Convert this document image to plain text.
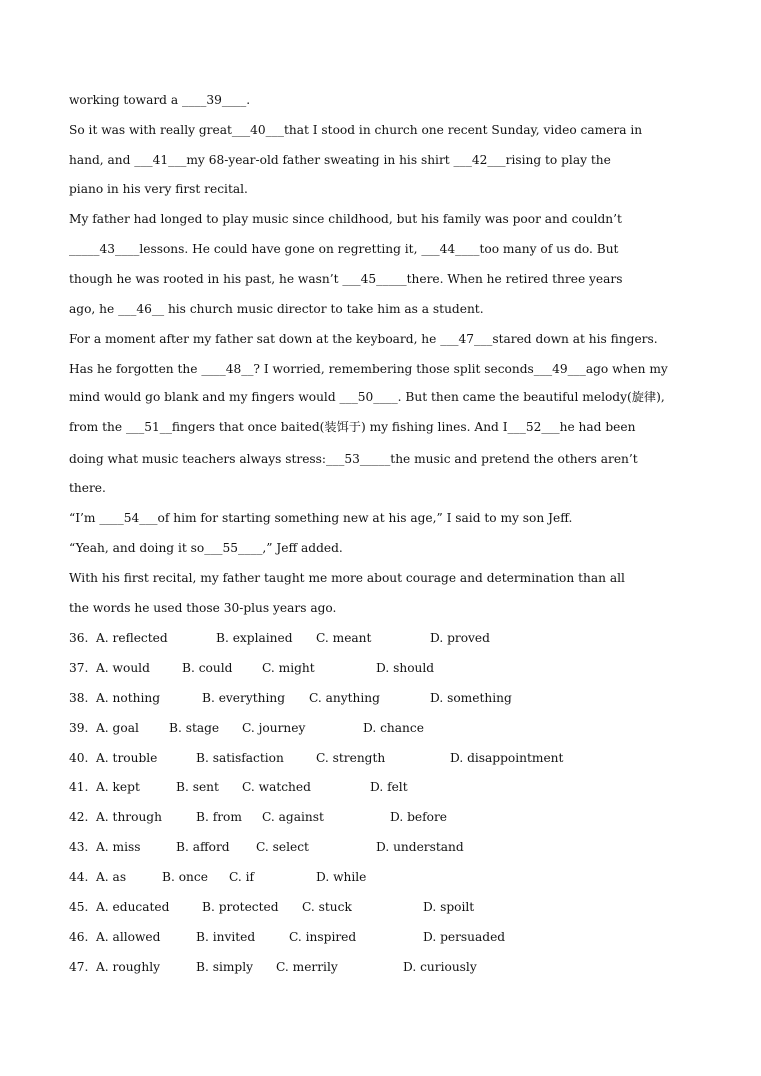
working toward a ____39____.
So it was with really great___40___that I stood in church one recent Sunday, video camera in
hand, and ___41___my 68-year-old father sweating in his shirt ___42___rising to play the
piano in his very first recital.
My father had longed to play music since childhood, but his family was poor and couldn’t
_____43____lessons. He could have gone on regretting it, ___44____too many of us do. But
though he was rooted in his past, he wasn’t ___45_____there. When he retired three years
ago, he ___46__ his church music director to take him as a student.
For a moment after my father sat down at the keyboard, he ___47___stared down at his fingers.
Has he forgotten the ____48__? I worried, remembering those split seconds___49___ago when my
mind would go blank and my fingers would ___50____. But then came the beautiful melody(旋律),
from the ___51__fingers that once baited(装饵于) my fishing lines. And I___52___he had been
doing what music teachers always stress:___53_____the music and pretend the others aren’t
there.
“I’m ____54___of him for starting something new at his age,” I said to my son Jeff.
“Yeah, and doing it so___55____,” Jeff added.
With his first recital, my father taught me more about courage and determination than all
the words he used those 30-plus years ago.
36. A. reflected	B. explained C. meant	D. proved
37. A. would	B. could C. might	D. should
38. A. nothing	B. everything C. anything	D. something
39. A. goal B. stage C. journey	D. chance
40. A. trouble	B. satisfaction	C. strength	D. disappointment
41. A. kept	B. sent C. watched	D. felt
42. A. through	B. from C. against	D. before
43. A. miss	B. afford C. select	D. understand
44. A. as	B. once C. if	D. while
45. A. educated	B. protected C. stuck	D. spoilt
46. A. allowed	B. invited	C. inspired	D. persuaded
47. A. roughly	B. simply C. merrily	D. curiously
